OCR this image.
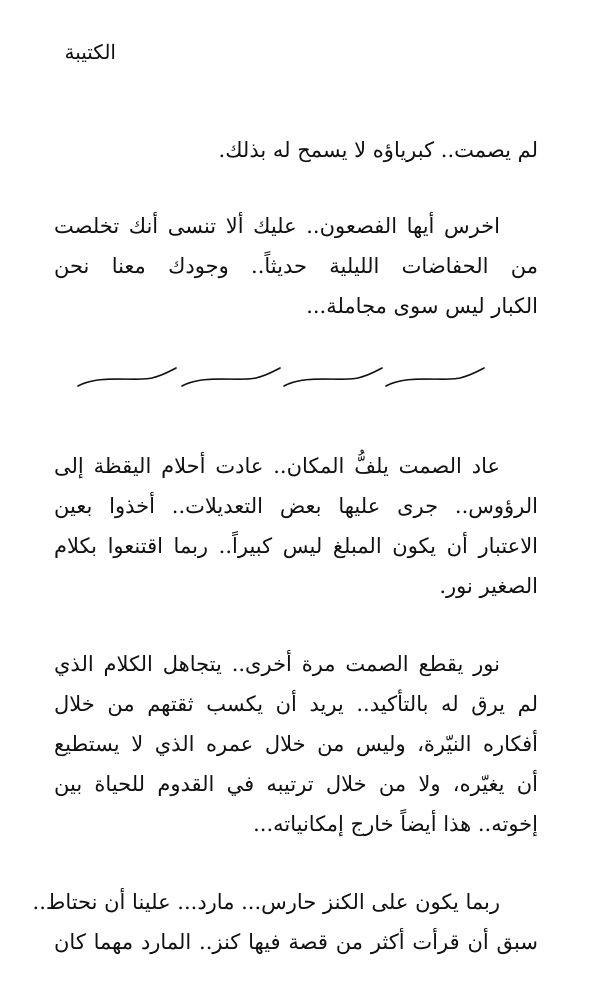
الكتيبة
لم يصمت.. كبرياؤه لا يسمح له بذلك.
اخرس أيها الفصعون.. عليك ألا تنسى أنك تخلصت
من الحفاضات الليلية حديثاً.. وجودك معنا نحن
الكبار ليس سوى مجاملة...
عاد الصمت يلفُّ المكان.. عادت أحلام اليقظة إلى
الرؤوس.. جرى عليها بعض التعديلات.. أخذوا بعين
الاعتبار أن يكون المبلغ ليس كبيراً.. ربما اقتنعوا بكلام
الصغير نور.
نور يقطع الصمت مرة أخرى.. يتجاهل الكلام الذي
لم يرق له بالتأكيد.. يريد أن يكسب ثقتهم من خلال
أفكاره النيّرة، وليس من خلال عمره الذي لا يستطيع
أن يغيّره، ولا من خلال ترتيبه في القدوم للحياة بين
إخوته.. هذا أيضاً خارج إمكانياته...
ربما يكون على الكنز حارس... مارد... علينا أن نحتاط..
سبق أن قرأت أكثر من قصة فيها كنز.. المارد مهما كان
